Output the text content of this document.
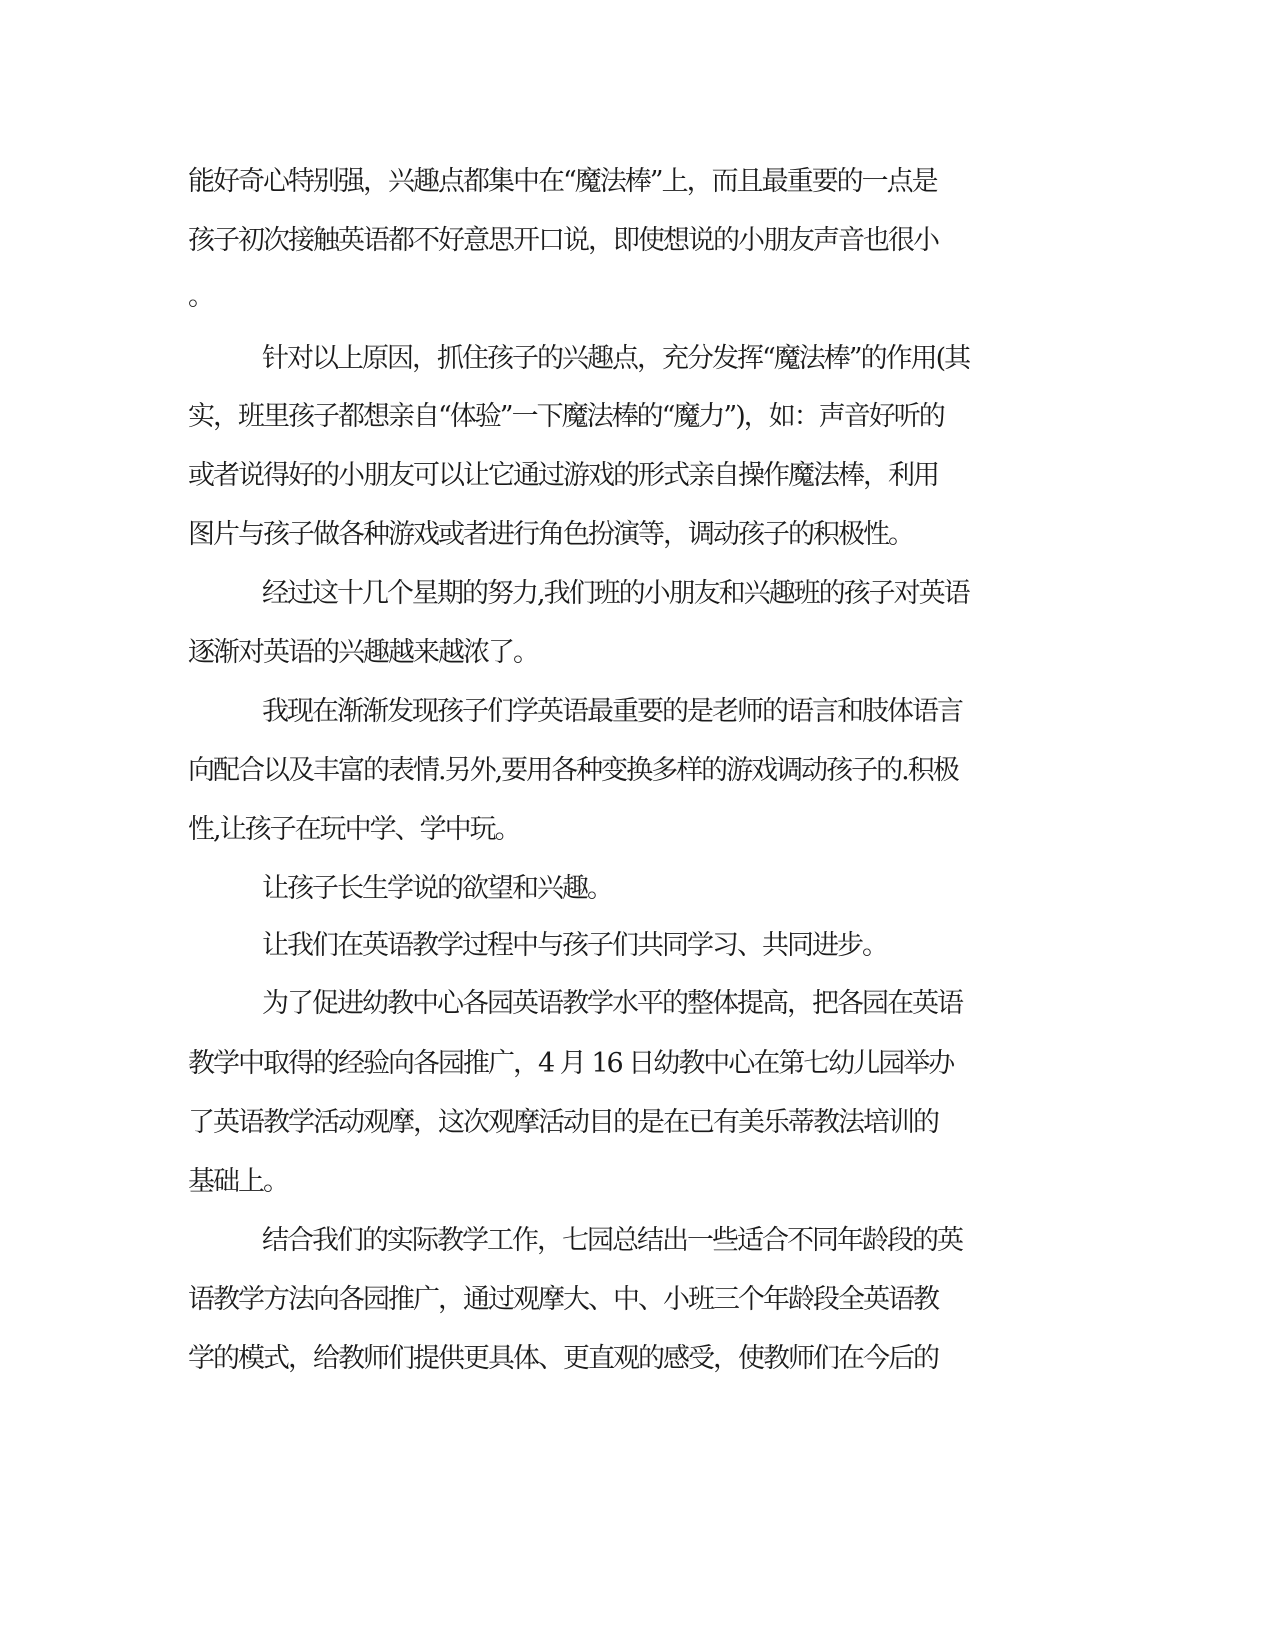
能好奇心特别强，兴趣点都集中在“魔法棒”上，而且最重要的一点是
孩子初次接触英语都不好意思开口说，即使想说的小朋友声音也很小
。
针对以上原因，抓住孩子的兴趣点，充分发挥“魔法棒”的作用(其
实，班里孩子都想亲自“体验”一下魔法棒的“魔力”)，如：声音好听的
或者说得好的小朋友可以让它通过游戏的形式亲自操作魔法棒，利用
图片与孩子做各种游戏或者进行角色扮演等，调动孩子的积极性。
经过这十几个星期的努力,我们班的小朋友和兴趣班的孩子对英语
逐渐对英语的兴趣越来越浓了。
我现在渐渐发现孩子们学英语最重要的是老师的语言和肢体语言
向配合以及丰富的表情.另外,要用各种变换多样的游戏调动孩子的.积极
性,让孩子在玩中学、学中玩。
让孩子长生学说的欲望和兴趣。
让我们在英语教学过程中与孩子们共同学习、共同进步。
为了促进幼教中心各园英语教学水平的整体提高，把各园在英语
教学中取得的经验向各园推广，4 月 16 日幼教中心在第七幼儿园举办
了英语教学活动观摩，这次观摩活动目的是在已有美乐蒂教法培训的
基础上。
结合我们的实际教学工作，七园总结出一些适合不同年龄段的英
语教学方法向各园推广，通过观摩大、中、小班三个年龄段全英语教
学的模式，给教师们提供更具体、更直观的感受，使教师们在今后的
